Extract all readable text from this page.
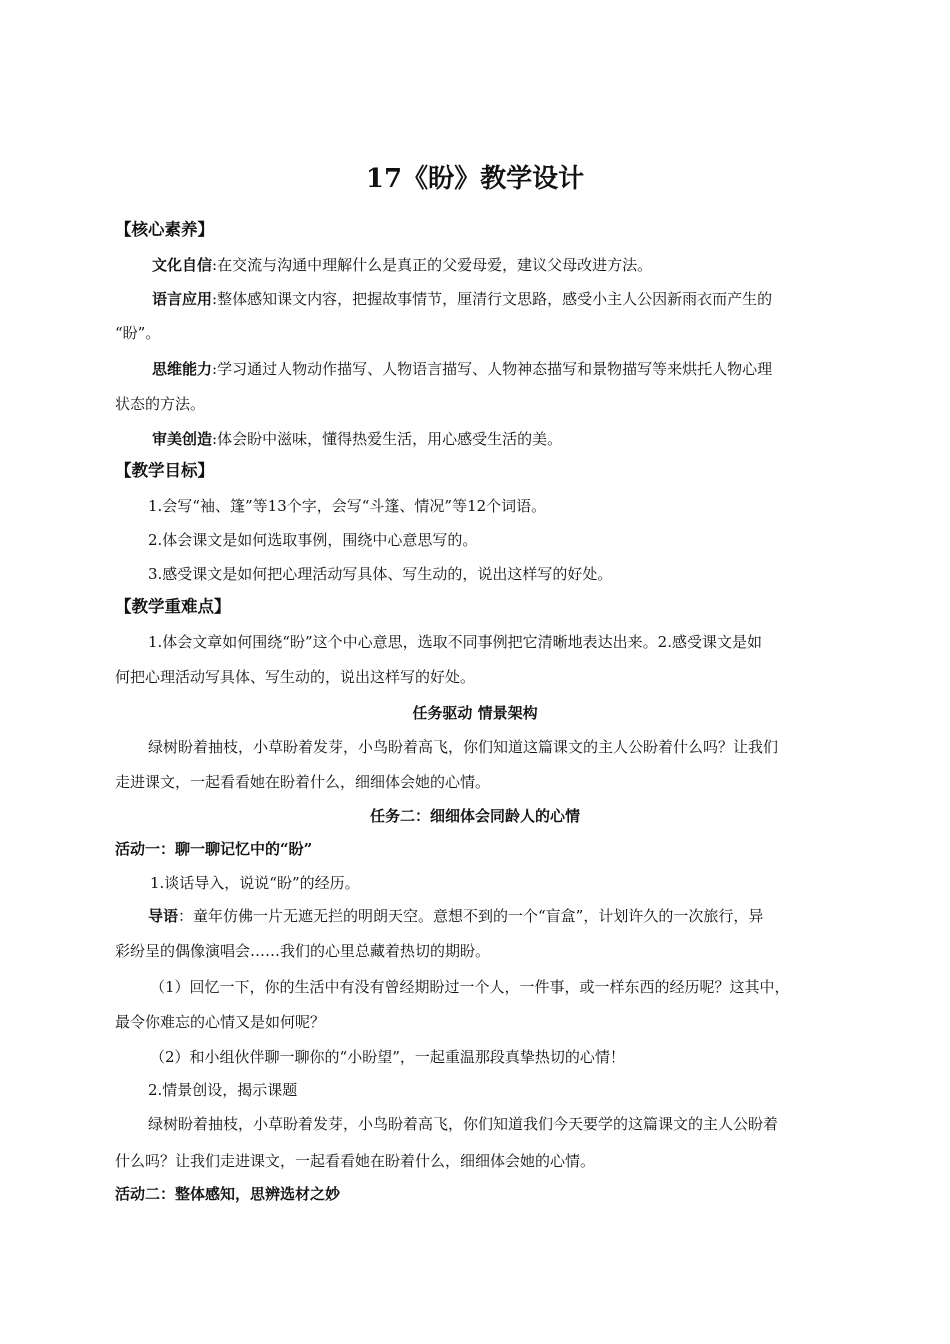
17《盼》教学设计
【核心素养】

文化自信:在交流与沟通中理解什么是真正的父爱母爱，建议父母改进方法。

语言应用:整体感知课文内容，把握故事情节，厘清行文思路，感受小主人公因新雨衣而产生的

“盼”。

思维能力:学习通过人物动作描写、人物语言描写、人物神态描写和景物描写等来烘托人物心理

状态的方法。

审美创造:体会盼中滋味，懂得热爱生活，用心感受生活的美。

【教学目标】

1.会写“袖、篷”等13个字，会写“斗篷、情况”等12个词语。

2.体会课文是如何选取事例，围绕中心意思写的。

3.感受课文是如何把心理活动写具体、写生动的，说出这样写的好处。

【教学重难点】

1.体会文章如何围绕“盼”这个中心意思，选取不同事例把它清晰地表达出来。2.感受课文是如

何把心理活动写具体、写生动的，说出这样写的好处。

任务驱动 情景架构

绿树盼着抽枝，小草盼着发芽，小鸟盼着高飞，你们知道这篇课文的主人公盼着什么吗？让我们

走进课文，一起看看她在盼着什么，细细体会她的心情。

任务二：细细体会同龄人的心情
活动一：聊一聊记忆中的“盼”

1.谈话导入，说说“盼”的经历。

导语：童年仿佛一片无遮无拦的明朗天空。意想不到的一个“盲盒”，计划许久的一次旅行，异

彩纷呈的偶像演唱会……我们的心里总藏着热切的期盼。

（1）回忆一下，你的生活中有没有曾经期盼过一个人，一件事，或一样东西的经历呢？这其中，

最令你难忘的心情又是如何呢？

（2）和小组伙伴聊一聊你的“小盼望”，一起重温那段真挚热切的心情！

2.情景创设，揭示课题

绿树盼着抽枝，小草盼着发芽，小鸟盼着高飞，你们知道我们今天要学的这篇课文的主人公盼着

什么吗？让我们走进课文，一起看看她在盼着什么，细细体会她的心情。

活动二：整体感知，思辨选材之妙
